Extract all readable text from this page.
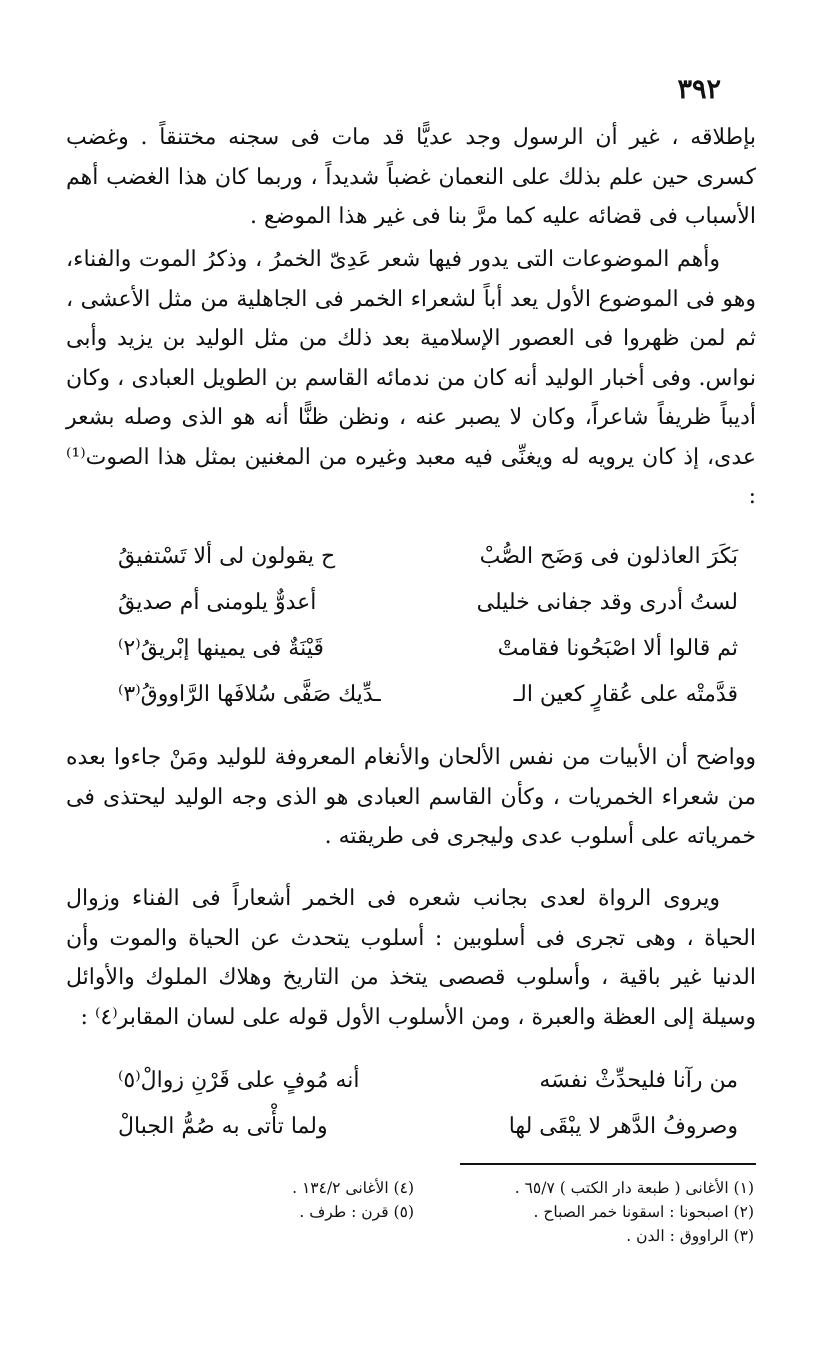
٣٩٢
بإطلاقه ، غير أن الرسول وجد عديًّا قد مات فى سجنه مختنقاً . وغضب كسرى حين علم بذلك على النعمان غضباً شديداً ، وربما كان هذا الغضب أهم الأسباب فى قضائه عليه كما مرَّ بنا فى غير هذا الموضع .
وأهم الموضوعات التى يدور فيها شعر عَدِىّ الخمرُ ، وذكرُ الموت والفناء، وهو فى الموضوع الأول يعد أباً لشعراء الخمر فى الجاهلية من مثل الأعشى ، ثم لمن ظهروا فى العصور الإسلامية بعد ذلك من مثل الوليد بن يزيد وأبى نواس. وفى أخبار الوليد أنه كان من ندمائه القاسم بن الطويل العبادى ، وكان أديباً ظريفاً شاعراً، وكان لا يصبر عنه ، ونظن ظنًّا أنه هو الذى وصله بشعر عدى، إذ كان يرويه له ويغنِّى فيه معبد وغيره من المغنين بمثل هذا الصوت⁽¹⁾ :
بَكَرَ العاذلون فى وَضَح الصُّبْ
ح يقولون لى ألا تَسْتفيقُ
لستُ أدرى وقد جفانى خليلى
أعدوٌّ يلومنى أم صديقُ
ثم قالوا ألا اصْبَحُونا فقامتْ
قَيْنَةٌ فى يمينها إبْريقُ⁽٢⁾
قدَّمتْه على عُقارٍ كعين الـ
ـدِّيك صَفَّى سُلافَها الرَّاووقُ⁽٣⁾
وواضح أن الأبيات من نفس الألحان والأنغام المعروفة للوليد ومَنْ جاءوا بعده من شعراء الخمريات ، وكأن القاسم العبادى هو الذى وجه الوليد ليحتذى فى خمرياته على أسلوب عدى وليجرى فى طريقته .
ويروى الرواة لعدى بجانب شعره فى الخمر أشعاراً فى الفناء وزوال الحياة ، وهى تجرى فى أسلوبين : أسلوب يتحدث عن الحياة والموت وأن الدنيا غير باقية ، وأسلوب قصصى يتخذ من التاريخ وهلاك الملوك والأوائل وسيلة إلى العظة والعبرة ، ومن الأسلوب الأول قوله على لسان المقابر⁽٤⁾ :
من رآنا فليحدِّثْ نفسَه
أنه مُوفٍ على قَرْنِ زوالْ⁽٥⁾
وصروفُ الدَّهر لا يبْقَى لها
ولما تأْتى به صُمُّ الجبالْ
(١) الأغانى ( طبعة دار الكتب ) ٦٥/٧ .
(٢) اصبحونا : اسقونا خمر الصباح .
(٣) الراووق : الدن .
(٤) الأغانى ١٣٤/٢ .
(٥) قرن : طرف .
